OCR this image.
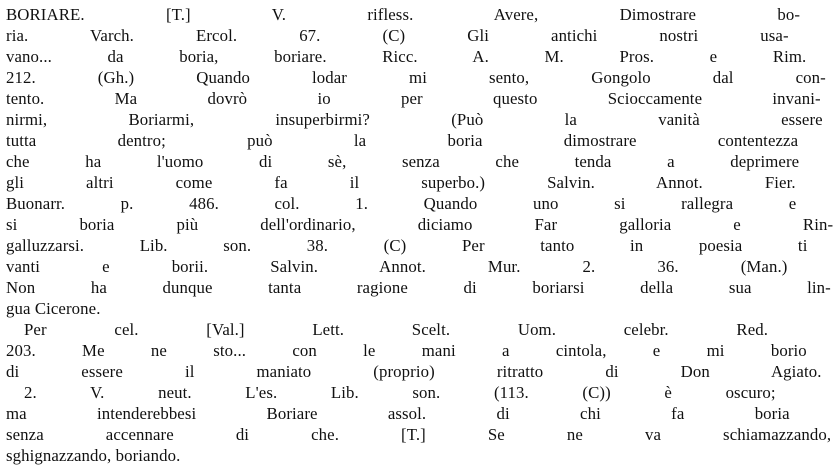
BORIARE. [T.] V. rifless. Avere, Dimostrare bo-
ria. Varch. Ercol. 67. (C) Gli antichi nostri usa-
vano... da boria, boriare. Ricc. A. M. Pros. e Rim.
212. (Gh.) Quando lodar mi sento, Gongolo dal con-
tento. Ma dovrò io per questo Scioccamente invani-
nirmi, Boriarmi, insuperbirmi? (Può la vanità essere
tutta dentro; può la boria dimostrare contentezza
che ha l'uomo di sè, senza che tenda a deprimere
gli altri come fa il superbo.) Salvin. Annot. Fier.
Buonarr. p. 486. col. 1. Quando uno si rallegra e
si boria più dell'ordinario, diciamo Far galloria e Rin-
galluzzarsi. Lib. son. 38. (C) Per tanto in poesia ti
vanti e borii. Salvin. Annot. Mur. 2. 36. (Man.)
Non ha dunque tanta ragione di boriarsi della sua lin-
gua Cicerone.
Per cel. [Val.] Lett. Scelt. Uom. celebr. Red.
203. Me ne sto... con le mani a cintola, e mi borio
di essere il maniato (proprio) ritratto di Don Agiato.
2. V. neut. L'es. Lib. son. (113. (C)) è oscuro;
ma intenderebbesi Boriare assol. di chi fa boria
senza accennare di che. [T.] Se ne va schiamazzando,
sghignazzando, boriando.
